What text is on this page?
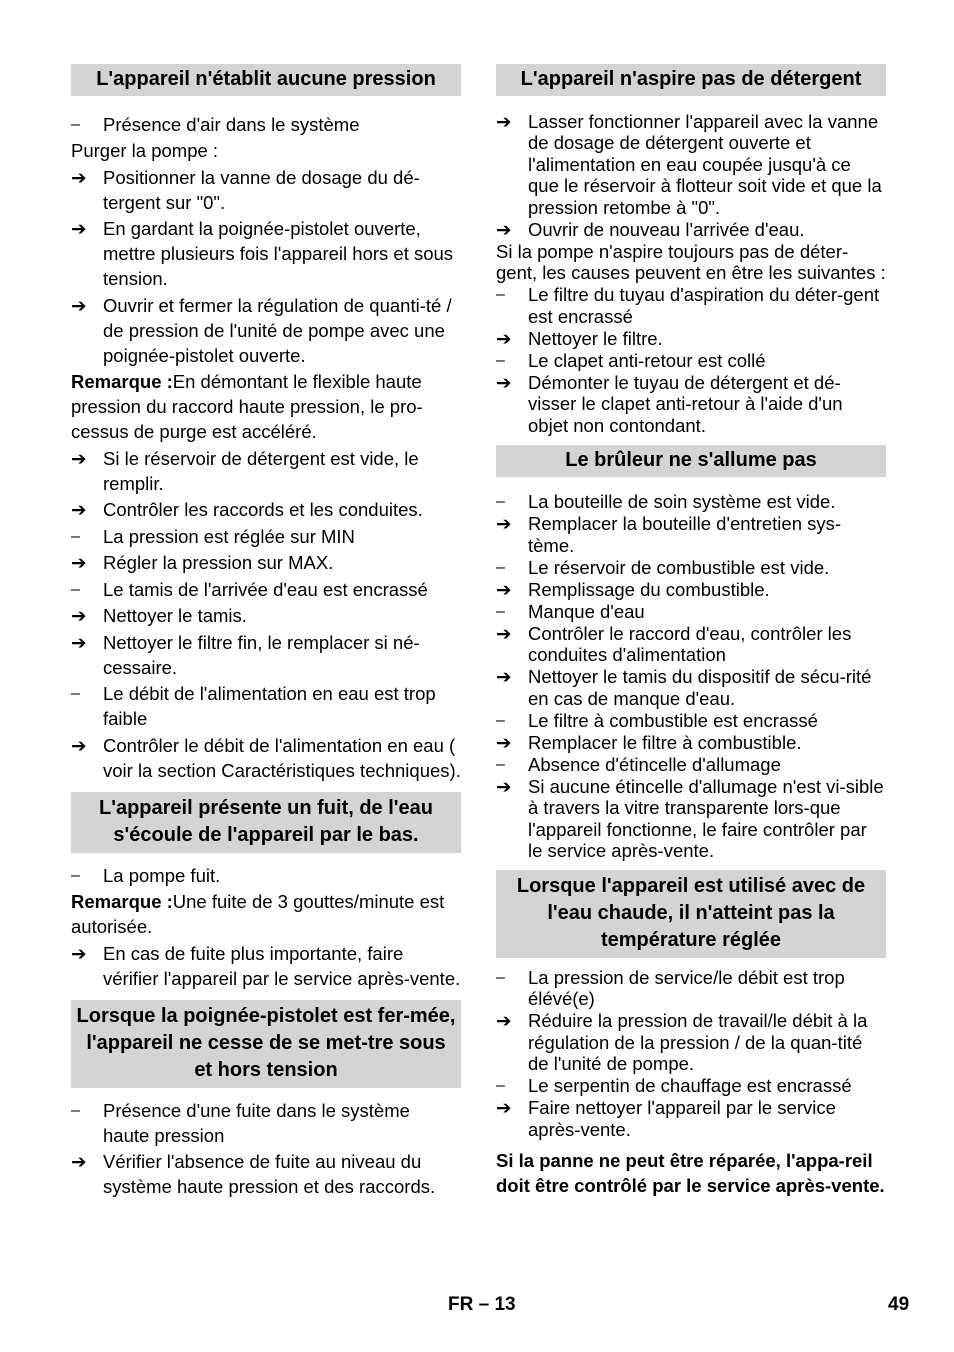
L'appareil n'établit aucune pression
–	Présence d'air dans le système
Purger la pompe :
➔ Positionner la vanne de dosage du dé-tergent sur "0".
➔ En gardant la poignée-pistolet ouverte, mettre plusieurs fois l'appareil hors et sous tension.
➔ Ouvrir et fermer la régulation de quanti-té / de pression de l'unité de pompe avec une poignée-pistolet ouverte.
Remarque :En démontant le flexible haute pression du raccord haute pression, le pro-cessus de purge est accéléré.
➔ Si le réservoir de détergent est vide, le remplir.
➔ Contrôler les raccords et les conduites.
–	La pression est réglée sur MIN
➔ Régler la pression sur MAX.
–	Le tamis de l'arrivée d'eau est encrassé
➔ Nettoyer le tamis.
➔ Nettoyer le filtre fin, le remplacer si né-cessaire.
–	Le débit de l'alimentation en eau est trop faible
➔ Contrôler le débit de l'alimentation en eau ( voir la section Caractéristiques techniques).
L'appareil présente un fuit, de l'eau s'écoule de l'appareil par le bas.
–	La pompe fuit.
Remarque :Une fuite de 3 gouttes/minute est autorisée.
➔ En cas de fuite plus importante, faire vérifier l'appareil par le service après-vente.
Lorsque la poignée-pistolet est fer-mée, l'appareil ne cesse de se met-tre sous et hors tension
–	Présence d'une fuite dans le système haute pression
➔ Vérifier l'absence de fuite au niveau du système haute pression et des raccords.
L'appareil n'aspire pas de détergent
➔ Lasser fonctionner l'appareil avec la vanne de dosage de détergent ouverte et l'alimentation en eau coupée jusqu'à ce que le réservoir à flotteur soit vide et que la pression retombe à "0".
➔ Ouvrir de nouveau l'arrivée d'eau.
Si la pompe n'aspire toujours pas de déter-gent, les causes peuvent en être les suivantes :
–	Le filtre du tuyau d'aspiration du déter-gent est encrassé
➔ Nettoyer le filtre.
–	Le clapet anti-retour est collé
➔ Démonter le tuyau de détergent et dé-visser le clapet anti-retour à l'aide d'un objet non contondant.
Le brûleur ne s'allume pas
–	La bouteille de soin système est vide.
➔ Remplacer la bouteille d'entretien sys-tème.
–	Le réservoir de combustible est vide.
➔ Remplissage du combustible.
–	Manque d'eau
➔ Contrôler le raccord d'eau, contrôler les conduites d'alimentation
➔ Nettoyer le tamis du dispositif de sécu-rité en cas de manque d'eau.
–	Le filtre à combustible est encrassé
➔ Remplacer le filtre à combustible.
–	Absence d'étincelle d'allumage
➔ Si aucune étincelle d'allumage n'est vi-sible à travers la vitre transparente lors-que l'appareil fonctionne, le faire contrôler par le service après-vente.
Lorsque l'appareil est utilisé avec de l'eau chaude, il n'atteint pas la température réglée
–	La pression de service/le débit est trop élévé(e)
➔ Réduire la pression de travail/le débit à la régulation de la pression / de la quan-tité de l'unité de pompe.
–	Le serpentin de chauffage est encrassé
➔ Faire nettoyer l'appareil par le service après-vente.
Si la panne ne peut être réparée, l'appa-reil doit être contrôlé par le service après-vente.
FR – 13	49
